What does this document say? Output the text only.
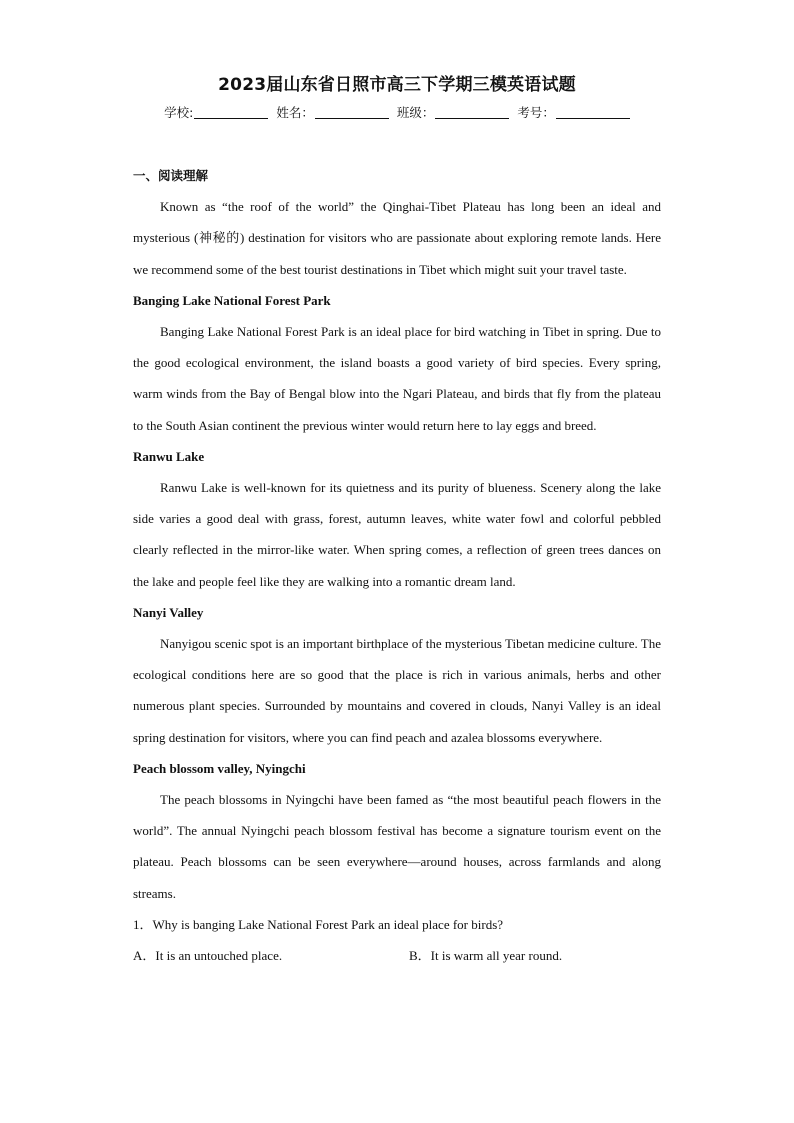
2023届山东省日照市高三下学期三模英语试题
学校:	姓名：	班级：	考号：

一、阅读理解

Known as “the roof of the world” the Qinghai-Tibet Plateau has long been an ideal and mysterious (神秘的) destination for visitors who are passionate about exploring remote lands. Here we recommend some of the best tourist destinations in Tibet which might suit your travel taste.

Banging Lake National Forest Park

Banging Lake National Forest Park is an ideal place for bird watching in Tibet in spring. Due to the good ecological environment, the island boasts a good variety of bird species. Every spring, warm winds from the Bay of Bengal blow into the Ngari Plateau, and birds that fly from the plateau to the South Asian continent the previous winter would return here to lay eggs and breed.

Ranwu Lake

Ranwu Lake is well-known for its quietness and its purity of blueness. Scenery along the lake side varies a good deal with grass, forest, autumn leaves, white water fowl and colorful pebbled clearly reflected in the mirror-like water. When spring comes, a reflection of green trees dances on the lake and people feel like they are walking into a romantic dream land.

Nanyi Valley

Nanyigou scenic spot is an important birthplace of the mysterious Tibetan medicine culture. The ecological conditions here are so good that the place is rich in various animals, herbs and other numerous plant species. Surrounded by mountains and covered in clouds, Nanyi Valley is an ideal spring destination for visitors, where you can find peach and azalea blossoms everywhere.

Peach blossom valley, Nyingchi

The peach blossoms in Nyingchi have been famed as “the most beautiful peach flowers in the world”. The annual Nyingchi peach blossom festival has become a signature tourism event on the plateau. Peach blossoms can be seen everywhere—around houses, across farmlands and along streams.

1．Why is banging Lake National Forest Park an ideal place for birds?

A．It is an untouched place.	B．It is warm all year round.
